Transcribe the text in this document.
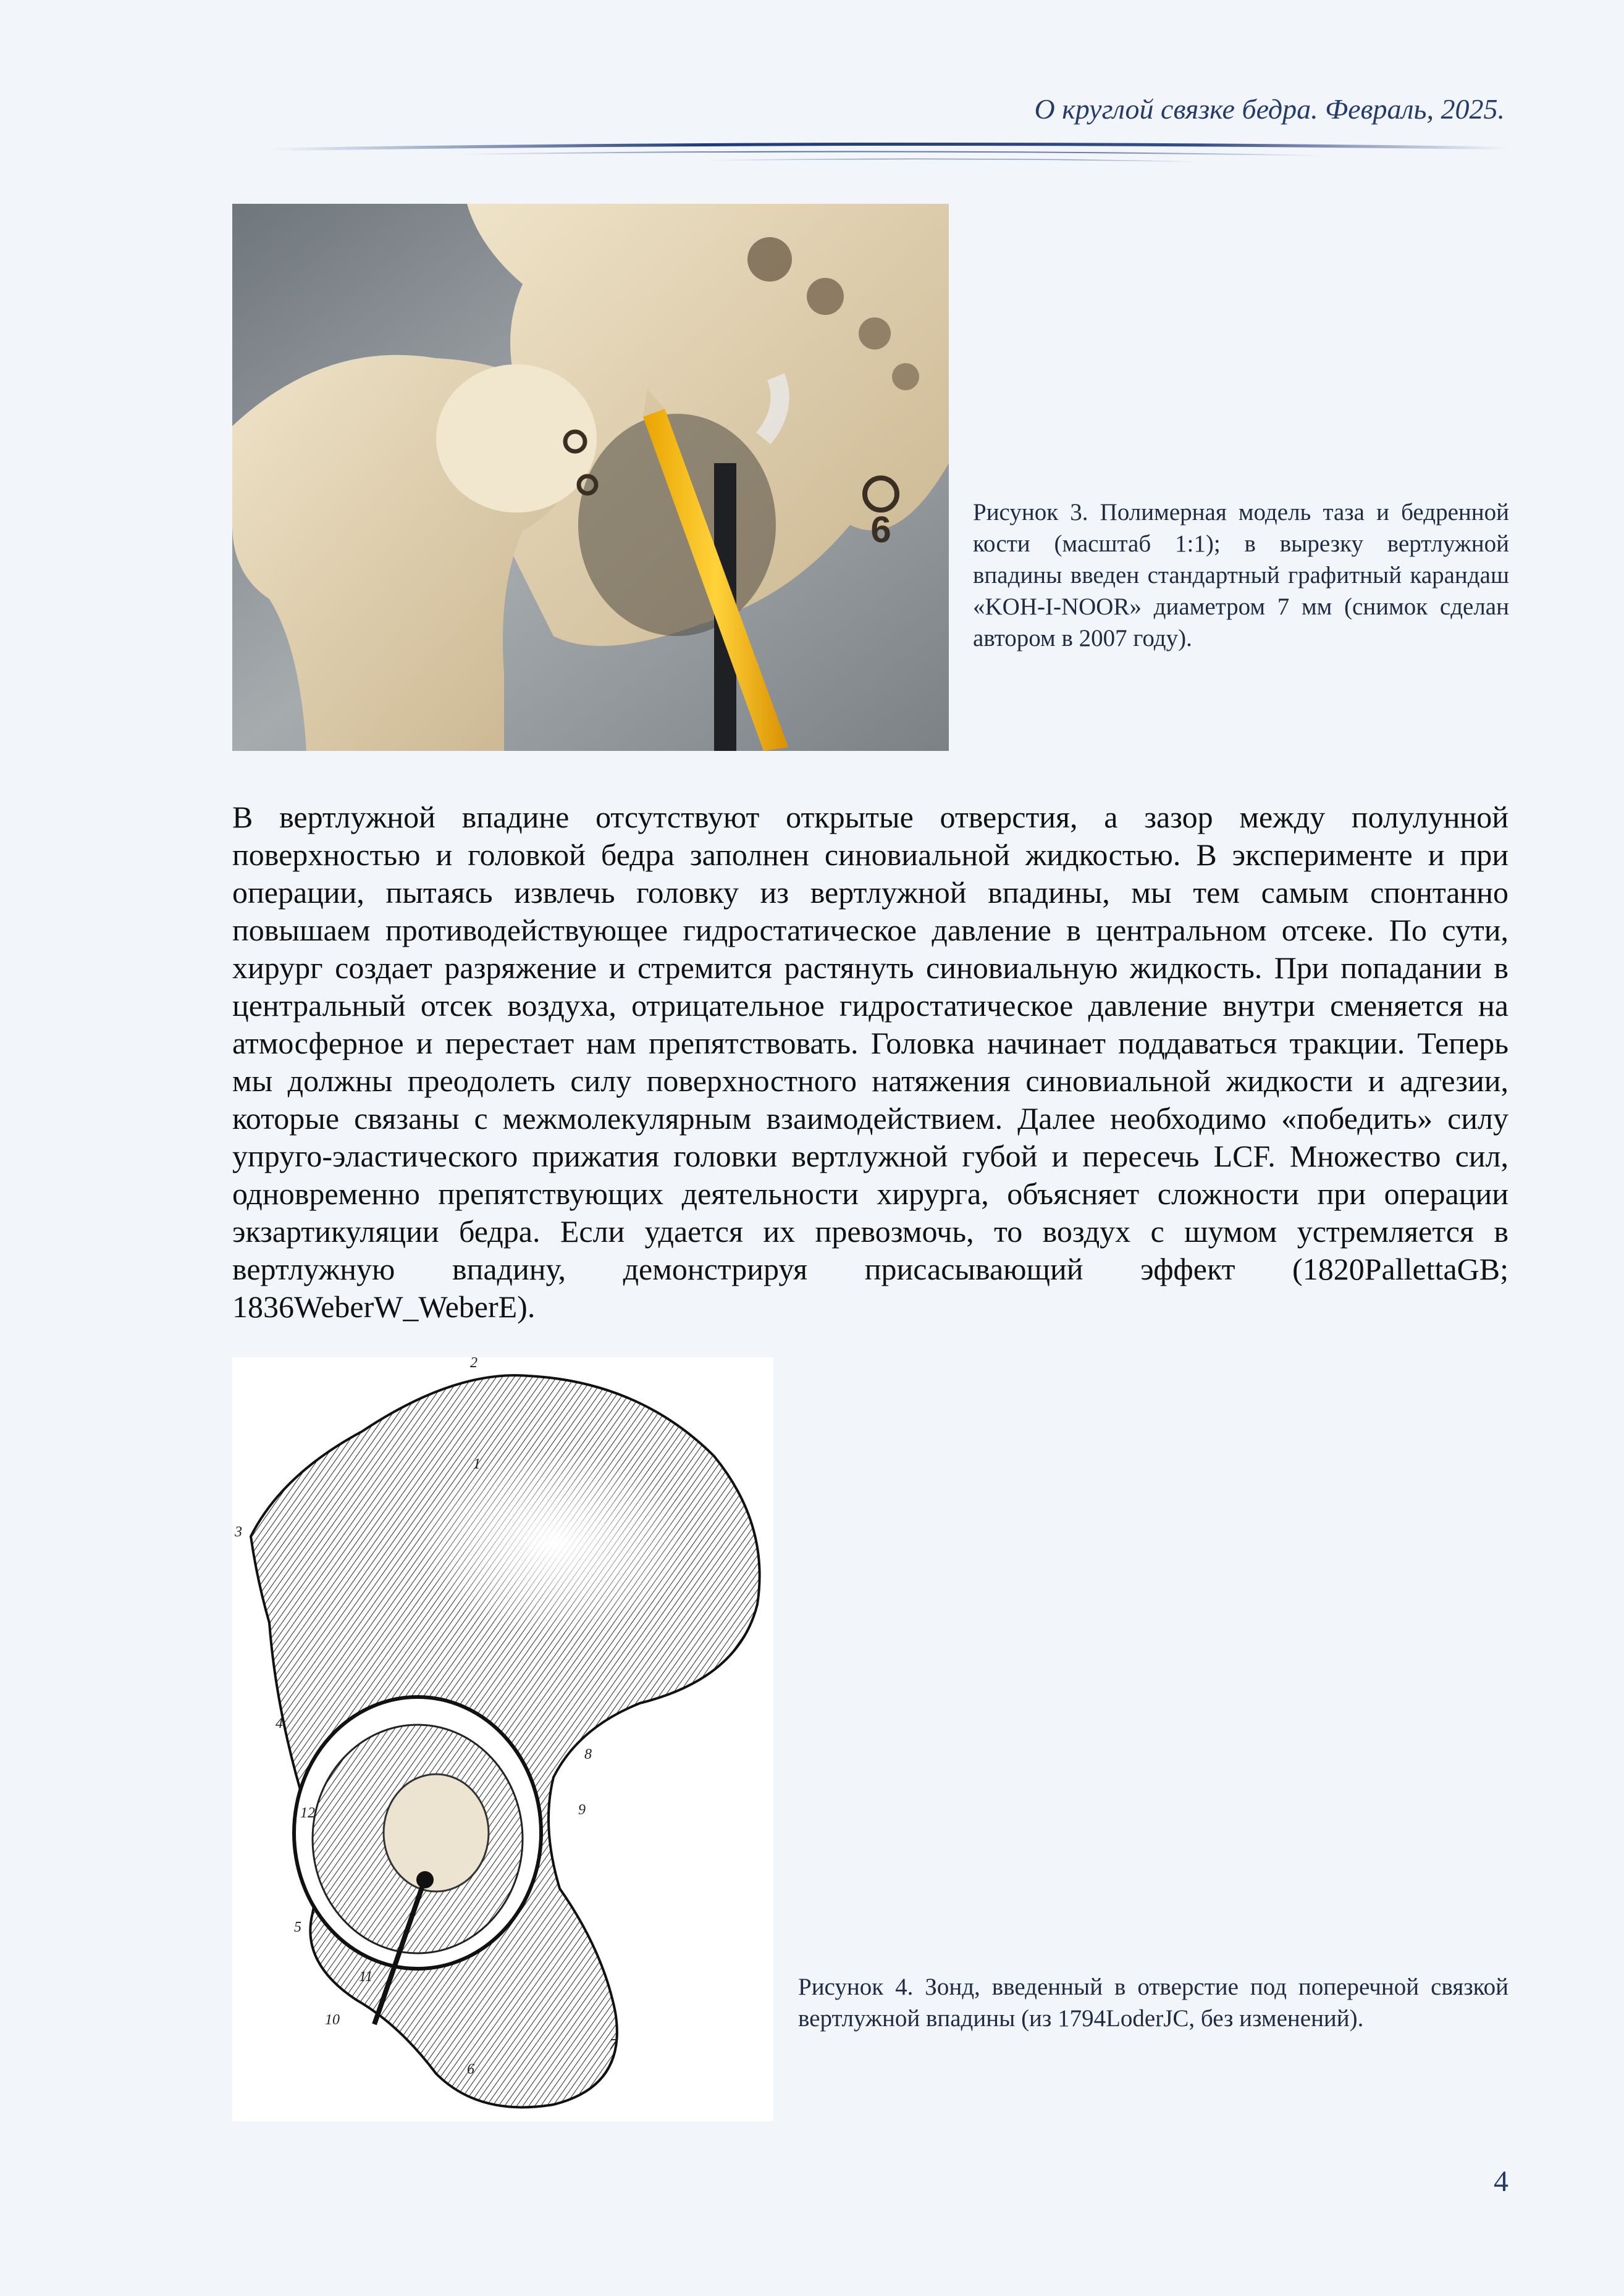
О круглой связке бедра. Февраль, 2025.
6	Рисунок 3. Полимерная модель таза и бедренной кости (масштаб 1:1); в вырезку вертлужной впадины введен стандартный графитный карандаш «KOH-I-NOOR» диаметром 7 мм (снимок сделан автором в 2007 году).

В вертлужной впадине отсутствуют открытые отверстия, а зазор между полулунной поверхностью и головкой бедра заполнен синовиальной жидкостью. В эксперименте и при операции, пытаясь извлечь головку из вертлужной впадины, мы тем самым спонтанно повышаем противодействующее гидростатическое давление в центральном отсеке. По сути, хирург создает разряжение и стремится растянуть синовиальную жидкость. При попадании в центральный отсек воздуха, отрицательное гидростатическое давление внутри сменяется на атмосферное и перестает нам препятствовать. Головка начинает поддаваться тракции. Теперь мы должны преодолеть силу поверхностного натяжения синовиальной жидкости и адгезии, которые связаны с межмолекулярным взаимодействием. Далее необходимо «победить» силу упруго-эластического прижатия головки вертлужной губой и пересечь LCF. Множество сил, одновременно препятствующих деятельности хирурга, объясняет сложности при операции экзартикуляции бедра. Если удается их превозмочь, то воздух с шумом устремляется в вертлужную впадину, демонстрируя присасывающий эффект (1820PallettaGB; 1836WeberW_WeberE).

1
2
3
4
5
6
7
8
9
10
11
12
Рисунок 4. Зонд, введенный в отверстие под поперечной связкой вертлужной впадины (из 1794LoderJC, без изменений).
4
